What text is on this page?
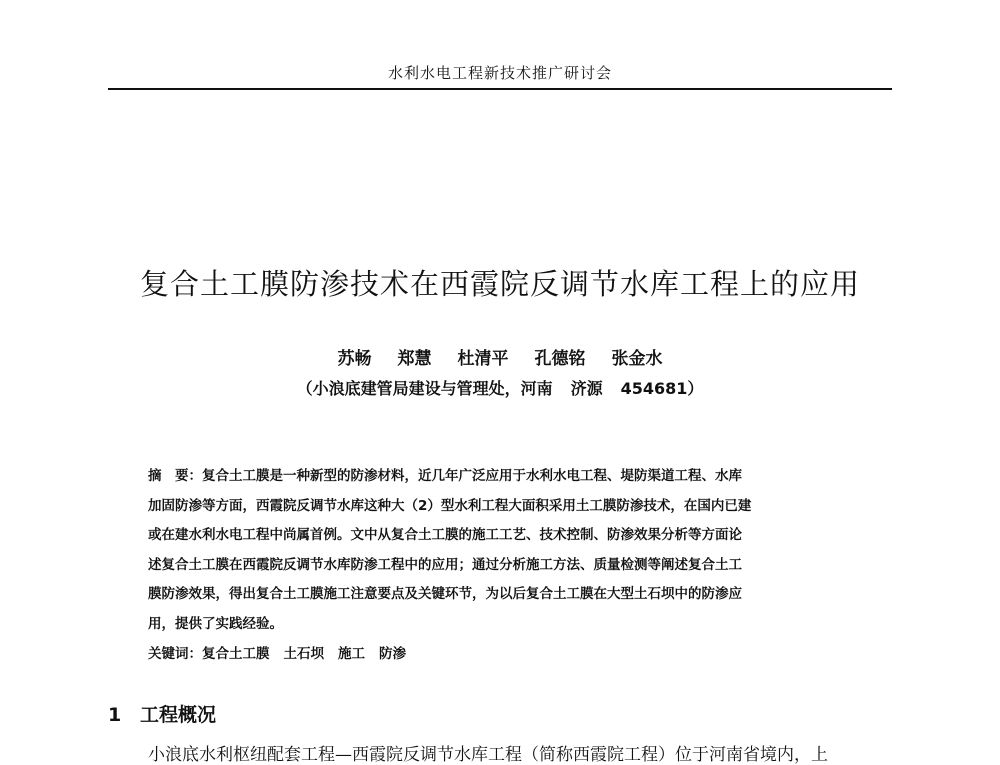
水利水电工程新技术推广研讨会
复合土工膜防渗技术在西霞院反调节水库工程上的应用
苏畅 郑慧 杜清平 孔德铭 张金水
（小浪底建管局建设与管理处，河南 济源 454681）
摘　要：复合土工膜是一种新型的防渗材料，近几年广泛应用于水利水电工程、堤防渠道工程、水库
加固防渗等方面，西霞院反调节水库这种大（2）型水利工程大面积采用土工膜防渗技术，在国内已建
或在建水利水电工程中尚属首例。文中从复合土工膜的施工工艺、技术控制、防渗效果分析等方面论
述复合土工膜在西霞院反调节水库防渗工程中的应用；通过分析施工方法、质量检测等阐述复合土工
膜防渗效果，得出复合土工膜施工注意要点及关键环节，为以后复合土工膜在大型土石坝中的防渗应
用，提供了实践经验。
关键词：复合土工膜 土石坝 施工 防渗
1 工程概况
小浪底水利枢纽配套工程—西霞院反调节水库工程（简称西霞院工程）位于河南省境内，上
